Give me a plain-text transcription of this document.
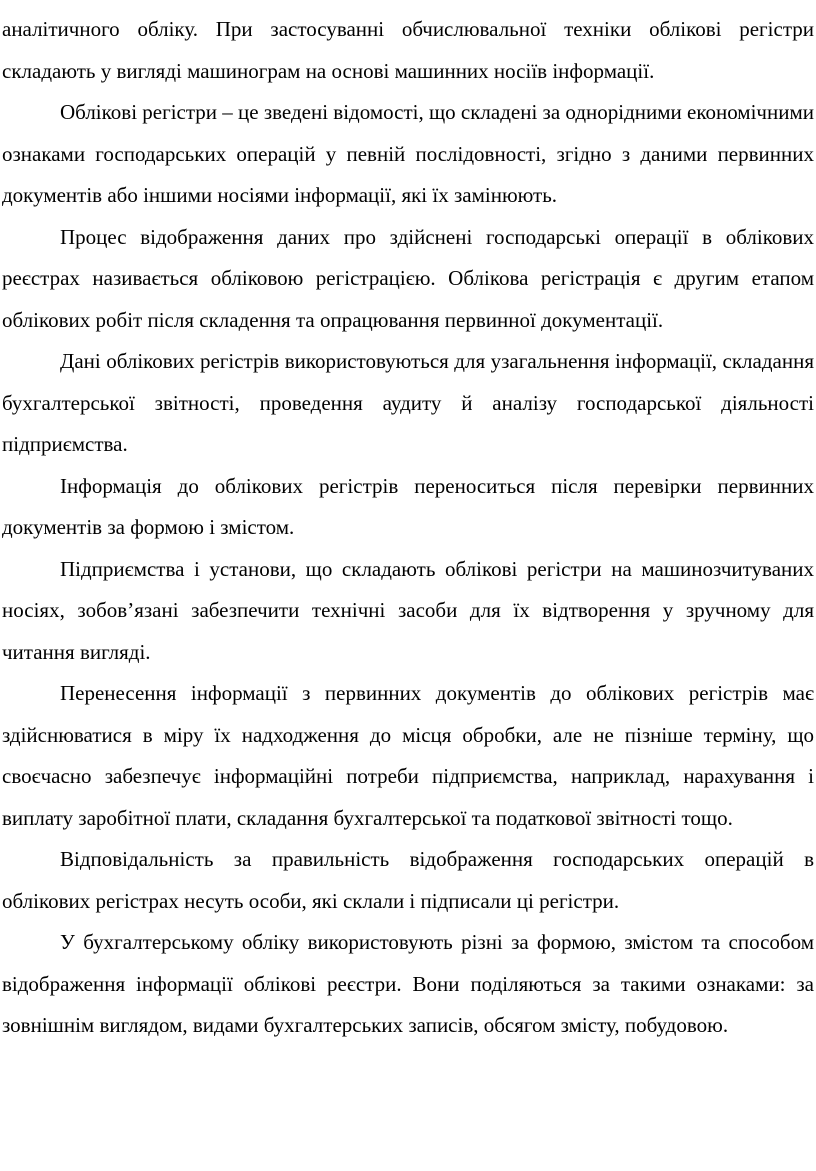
аналітичного обліку. При застосуванні обчислювальної техніки облікові регістри складають у вигляді машинограм на основі машинних носіїв інформації.

Облікові регістри – це зведені відомості, що складені за однорідними економічними ознаками господарських операцій у певній послідовності, згідно з даними первинних документів або іншими носіями інформації, які їх замінюють.

Процес відображення даних про здійснені господарські операції в облікових реєстрах називається обліковою регістрацією. Облікова регістрація є другим етапом облікових робіт після складення та опрацювання первинної документації.

Дані облікових регістрів використовуються для узагальнення інформації, складання бухгалтерської звітності, проведення аудиту й аналізу господарської діяльності підприємства.

Інформація до облікових регістрів переноситься після перевірки первинних документів за формою і змістом.

Підприємства і установи, що складають облікові регістри на машинозчитуваних носіях, зобов’язані забезпечити технічні засоби для їх відтворення у зручному для читання вигляді.

Перенесення інформації з первинних документів до облікових регістрів має здійснюватися в міру їх надходження до місця обробки, але не пізніше терміну, що своєчасно забезпечує інформаційні потреби підприємства, наприклад, нарахування і виплату заробітної плати, складання бухгалтерської та податкової звітності тощо.

Відповідальність за правильність відображення господарських операцій в облікових регістрах несуть особи, які склали і підписали ці регістри.

У бухгалтерському обліку використовують різні за формою, змістом та способом відображення інформації облікові реєстри. Вони поділяються за такими ознаками: за зовнішнім виглядом, видами бухгалтерських записів, обсягом змісту, побудовою.
